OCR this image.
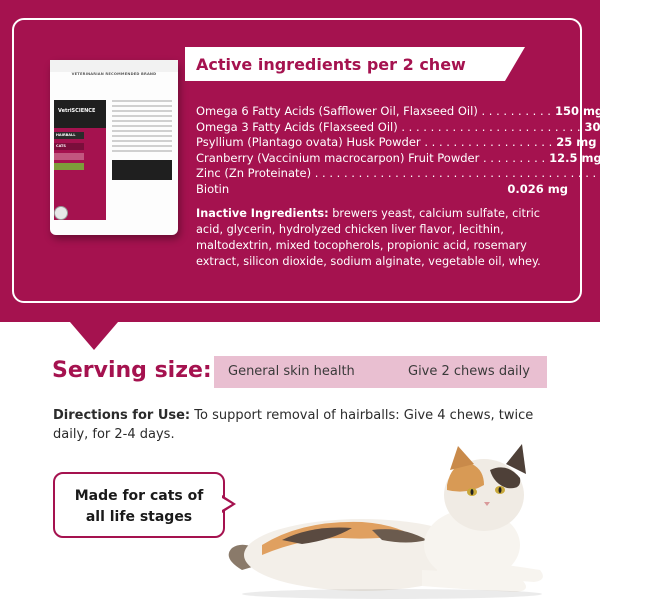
VETERINARIAN RECOMMENDED BRAND
VetriSCIENCE
HAIRBALL
CATS
Active ingredients per 2 chew
Omega 6 Fatty Acids (Safflower Oil, Flaxseed Oil) . . . . . . . . . . 150 mg
Omega 3 Fatty Acids (Flaxseed Oil) . . . . . . . . . . . . . . . . . . . . . . . . . 30 mg
Psyllium (Plantago ovata) Husk Powder . . . . . . . . . . . . . . . . . . 25 mg
Cranberry (Vaccinium macrocarpon) Fruit Powder . . . . . . . . . 12.5 mg
Zinc (Zn Proteinate) . . . . . . . . . . . . . . . . . . . . . . . . . . . . . . . . . . . . . . . 0.4 mg
Biotin	0.026 mg
Inactive Ingredients: brewers yeast, calcium sulfate, citric acid, glycerin, hydrolyzed chicken liver flavor, lecithin, maltodextrin, mixed tocopherols, propionic acid, rosemary extract, silicon dioxide, sodium alginate, vegetable oil, whey.
Serving size: General skin health	Give 2 chews daily
Directions for Use: To support removal of hairballs: Give 4 chews, twice daily, for 2-4 days.
Made for cats of
all life stages
